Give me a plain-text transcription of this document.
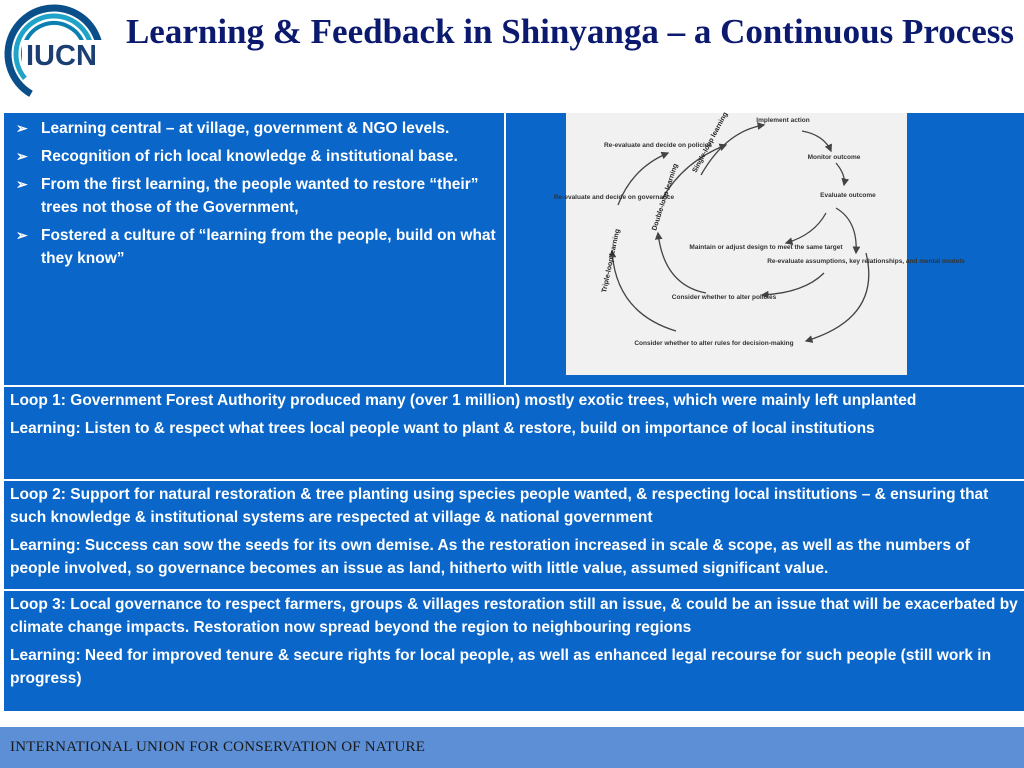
IUCN
Learning & Feedback in Shinyanga – a Continuous Process
➢ Learning central – at village, government & NGO levels.
➢ Recognition of rich local knowledge & institutional base.
➢ From the first learning, the people wanted to restore “their” trees not those of the Government,
➢ Fostered a culture of “learning from the people, build on what they know”
Implement action
Monitor outcome
Evaluate outcome
Maintain or adjust design to meet the same target
Re-evaluate assumptions, key relationships, and mental models
Consider whether to alter policies
Re-evaluate and decide on policies
Re-evaluate and decide on governance
Consider whether to alter rules for decision-making
Single-loop learning
Double-loop learning
Triple-loop learning

Loop 1: Government Forest Authority produced many (over 1 million) mostly exotic trees, which were mainly left unplanted

Learning: Listen to & respect what trees local people want to plant & restore, build on importance of local institutions

Loop 2: Support for natural restoration & tree planting using species people wanted, & respecting local institutions – & ensuring that such knowledge & institutional systems are respected at village & national government

Learning: Success can sow the seeds for its own demise. As the restoration increased in scale & scope, as well as the numbers of people involved, so governance becomes an issue as land, hitherto with little value, assumed significant value.

Loop 3: Local governance to respect farmers, groups & villages restoration still an issue, & could be an issue that will be exacerbated by climate change impacts. Restoration now spread beyond the region to neighbouring regions

Learning: Need for improved tenure & secure rights for local people, as well as enhanced legal recourse for such people (still work in progress)

INTERNATIONAL UNION FOR CONSERVATION OF NATURE
